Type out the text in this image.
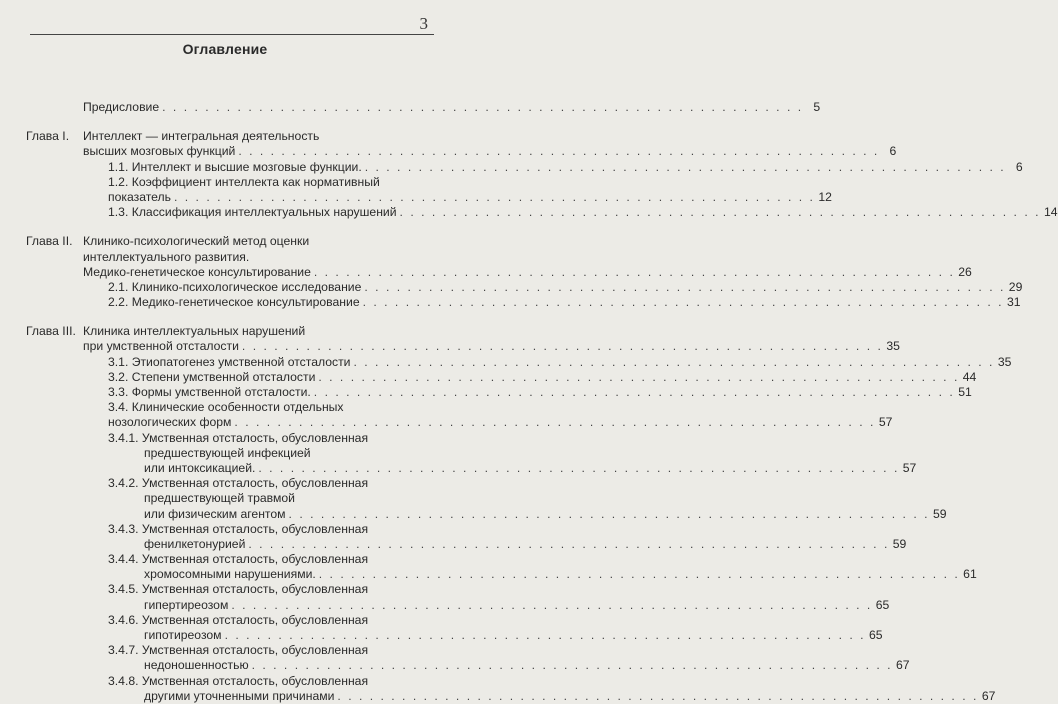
3
Оглавление
Предисловие . . . . . . . . . . . . . . . . . . . . . . . . . . . . . . . . . . . . . . . . . . . . . . . . . . . . . . . . . . . . 5
Глава I.	Интеллект — интегральная деятельность
высших мозговых функций . . . . . . . . . . . . . . . . . . . . . . . . . . . . . . . . . . . . . . . . . . . . . . . . . . . . . . . . . . . . 6
1.1. Интеллект и высшие мозговые функции. . . . . . . . . . . . . . . . . . . . . . . . . . . . . . . . . . . . . . . . . . . . . . . . . . . . . . . . . . . . . 6
1.2. Коэффициент интеллекта как нормативный
показатель . . . . . . . . . . . . . . . . . . . . . . . . . . . . . . . . . . . . . . . . . . . . . . . . . . . . . . . . . . . . 12
1.3. Классификация интеллектуальных нарушений . . . . . . . . . . . . . . . . . . . . . . . . . . . . . . . . . . . . . . . . . . . . . . . . . . . . . . . . . . . . 14
Глава II. Клинико-психологический метод оценки
интеллектуального развития.
Медико-генетическое консультирование . . . . . . . . . . . . . . . . . . . . . . . . . . . . . . . . . . . . . . . . . . . . . . . . . . . . . . . . . . . . 26
2.1. Клинико-психологическое исследование . . . . . . . . . . . . . . . . . . . . . . . . . . . . . . . . . . . . . . . . . . . . . . . . . . . . . . . . . . . . 29
2.2. Медико-генетическое консультирование . . . . . . . . . . . . . . . . . . . . . . . . . . . . . . . . . . . . . . . . . . . . . . . . . . . . . . . . . . . . 31
Глава III. Клиника интеллектуальных нарушений
при умственной отсталости . . . . . . . . . . . . . . . . . . . . . . . . . . . . . . . . . . . . . . . . . . . . . . . . . . . . . . . . . . . . 35
3.1. Этиопатогенез умственной отсталости . . . . . . . . . . . . . . . . . . . . . . . . . . . . . . . . . . . . . . . . . . . . . . . . . . . . . . . . . . . . 35
3.2. Степени умственной отсталости . . . . . . . . . . . . . . . . . . . . . . . . . . . . . . . . . . . . . . . . . . . . . . . . . . . . . . . . . . . . 44
3.3. Формы умственной отсталости. . . . . . . . . . . . . . . . . . . . . . . . . . . . . . . . . . . . . . . . . . . . . . . . . . . . . . . . . . . . . 51
3.4. Клинические особенности отдельных
нозологических форм . . . . . . . . . . . . . . . . . . . . . . . . . . . . . . . . . . . . . . . . . . . . . . . . . . . . . . . . . . . . 57
3.4.1. Умственная отсталость, обусловленная
предшествующей инфекцией
или интоксикацией. . . . . . . . . . . . . . . . . . . . . . . . . . . . . . . . . . . . . . . . . . . . . . . . . . . . . . . . . . . . . 57
3.4.2. Умственная отсталость, обусловленная
предшествующей травмой
или физическим агентом . . . . . . . . . . . . . . . . . . . . . . . . . . . . . . . . . . . . . . . . . . . . . . . . . . . . . . . . . . . . 59
3.4.3. Умственная отсталость, обусловленная
фенилкетонурией . . . . . . . . . . . . . . . . . . . . . . . . . . . . . . . . . . . . . . . . . . . . . . . . . . . . . . . . . . . . 59
3.4.4. Умственная отсталость, обусловленная
хромосомными нарушениями. . . . . . . . . . . . . . . . . . . . . . . . . . . . . . . . . . . . . . . . . . . . . . . . . . . . . . . . . . . . . 61
3.4.5. Умственная отсталость, обусловленная
гипертиреозом . . . . . . . . . . . . . . . . . . . . . . . . . . . . . . . . . . . . . . . . . . . . . . . . . . . . . . . . . . . . 65
3.4.6. Умственная отсталость, обусловленная
гипотиреозом . . . . . . . . . . . . . . . . . . . . . . . . . . . . . . . . . . . . . . . . . . . . . . . . . . . . . . . . . . . . 65
3.4.7. Умственная отсталость, обусловленная
недоношенностью . . . . . . . . . . . . . . . . . . . . . . . . . . . . . . . . . . . . . . . . . . . . . . . . . . . . . . . . . . . . 67
3.4.8. Умственная отсталость, обусловленная
другими уточненными причинами . . . . . . . . . . . . . . . . . . . . . . . . . . . . . . . . . . . . . . . . . . . . . . . . . . . . . . . . . . . . 67
